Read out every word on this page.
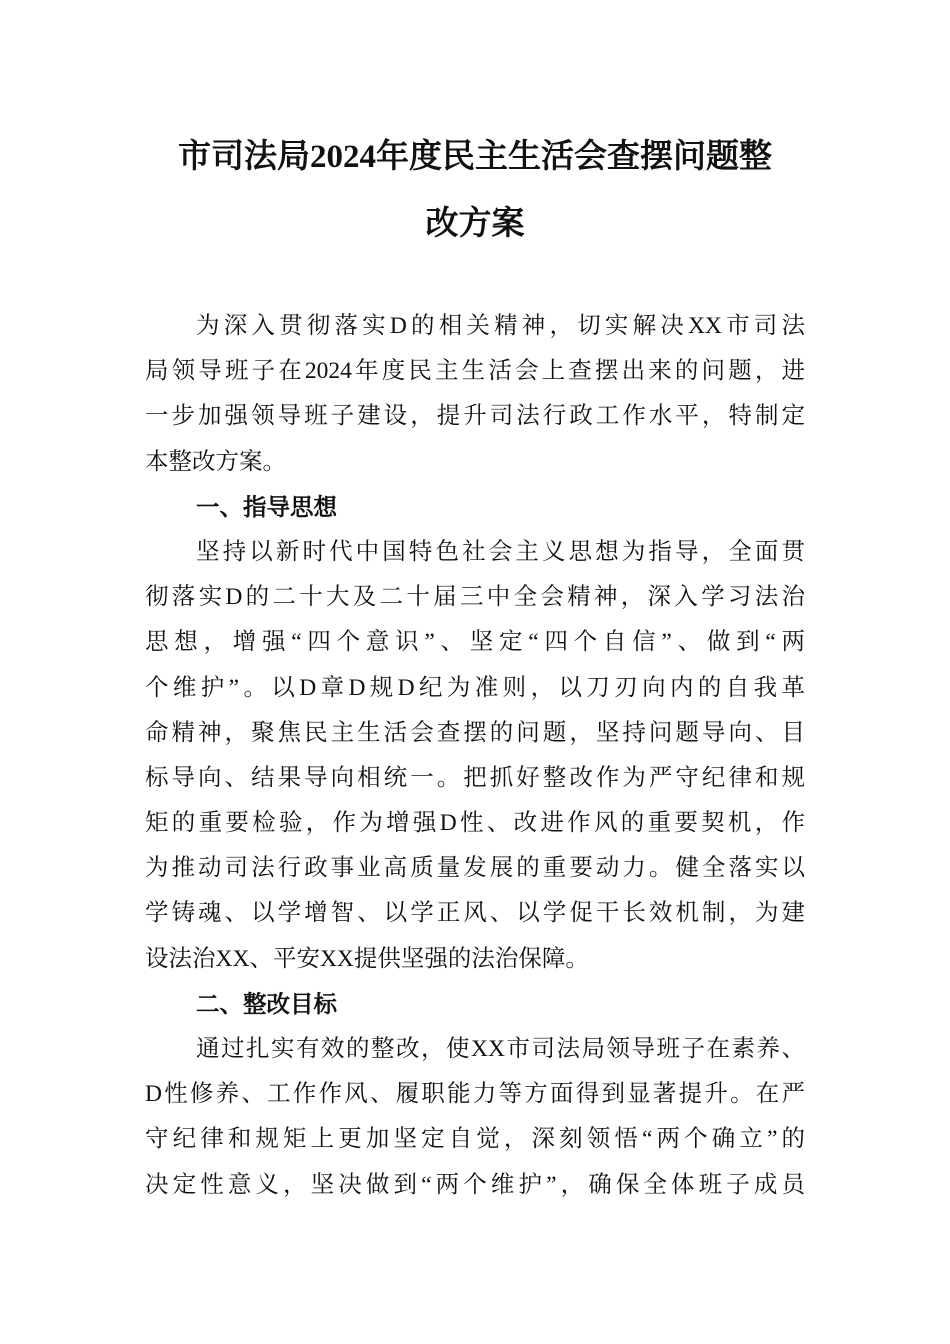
市司法局2024年度民主生活会查摆问题整
改方案
为深入贯彻落实D的相关精神，切实解决XX市司法
局领导班子在2024年度民主生活会上查摆出来的问题，进
一步加强领导班子建设，提升司法行政工作水平，特制定
本整改方案。
一、指导思想
坚持以新时代中国特色社会主义思想为指导，全面贯
彻落实D的二十大及二十届三中全会精神，深入学习法治
思想，增强“四个意识”、坚定“四个自信”、做到“两
个维护”。以D章D规D纪为准则，以刀刃向内的自我革
命精神，聚焦民主生活会查摆的问题，坚持问题导向、目
标导向、结果导向相统一。把抓好整改作为严守纪律和规
矩的重要检验，作为增强D性、改进作风的重要契机，作
为推动司法行政事业高质量发展的重要动力。健全落实以
学铸魂、以学增智、以学正风、以学促干长效机制，为建
设法治XX、平安XX提供坚强的法治保障。
二、整改目标
通过扎实有效的整改，使XX市司法局领导班子在素养、
D性修养、工作作风、履职能力等方面得到显著提升。在严
守纪律和规矩上更加坚定自觉，深刻领悟“两个确立”的
决定性意义，坚决做到“两个维护”，确保全体班子成员
